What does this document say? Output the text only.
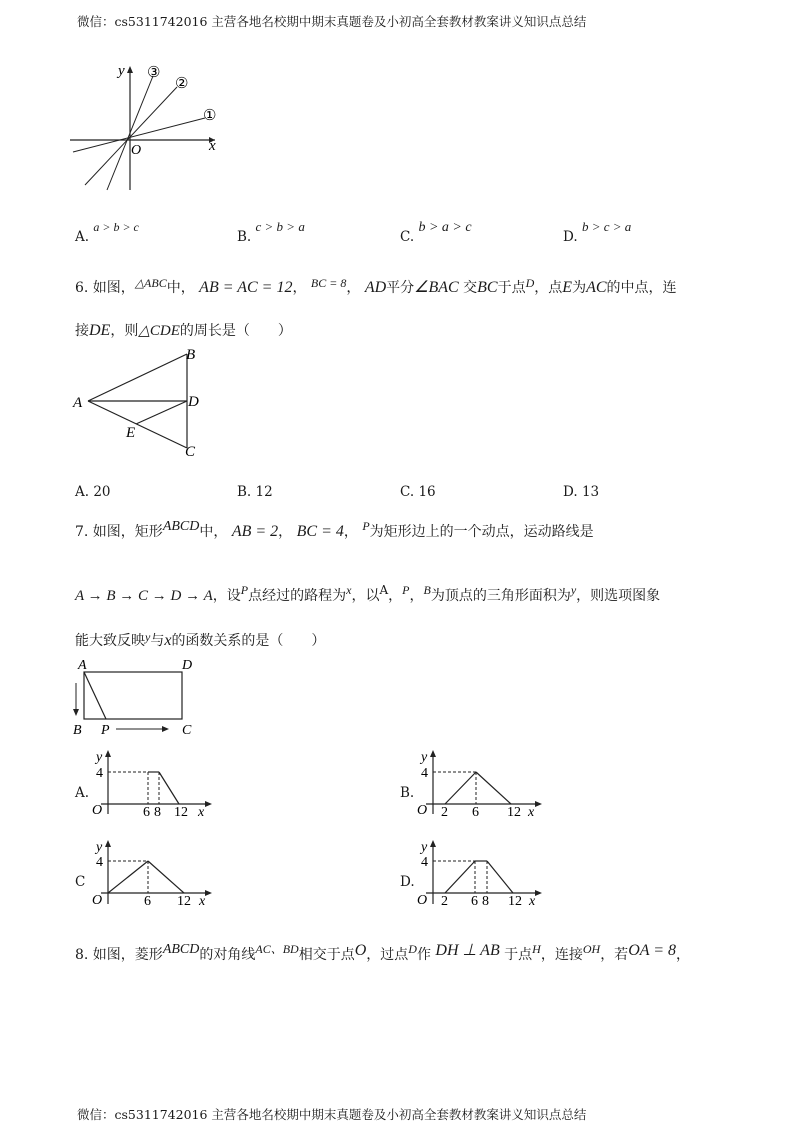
微信：cs5311742016 主营各地名校期中期末真题卷及小初高全套教材教案讲义知识点总结
y
x
O
①
②
③
A. a > b > c
B. c > b > a
C. b > a > c
D. b > c > a
6. 如图，△ABC中， AB = AC = 12， BC = 8， AD平分∠BAC 交BC于点D，点E为AC的中点，连
接DE，则△CDE的周长是（　　）
B
A	D
E
C
A. 20	B. 12	C. 16	D. 13
7. 如图，矩形ABCD中， AB = 2， BC = 4， P为矩形边上的一个动点，运动路线是
A → B → C → D → A，设P点经过的路程为x，以A，P，B为顶点的三角形面积为y，则选项图象
能大致反映y与x的函数关系的是（　　）
A	D
B P	C
A.
y
4
O	6 8 12 x
B.
y
4
O 2 6 12 x
C
y
4
O	6 12 x
D.
y
4
O 2 6 8 12 x
8. 如图，菱形ABCD的对角线AC、BD相交于点O，过点D作 DH ⊥ AB 于点H，连接OH，若OA = 8，
微信：cs5311742016 主营各地名校期中期末真题卷及小初高全套教材教案讲义知识点总结
